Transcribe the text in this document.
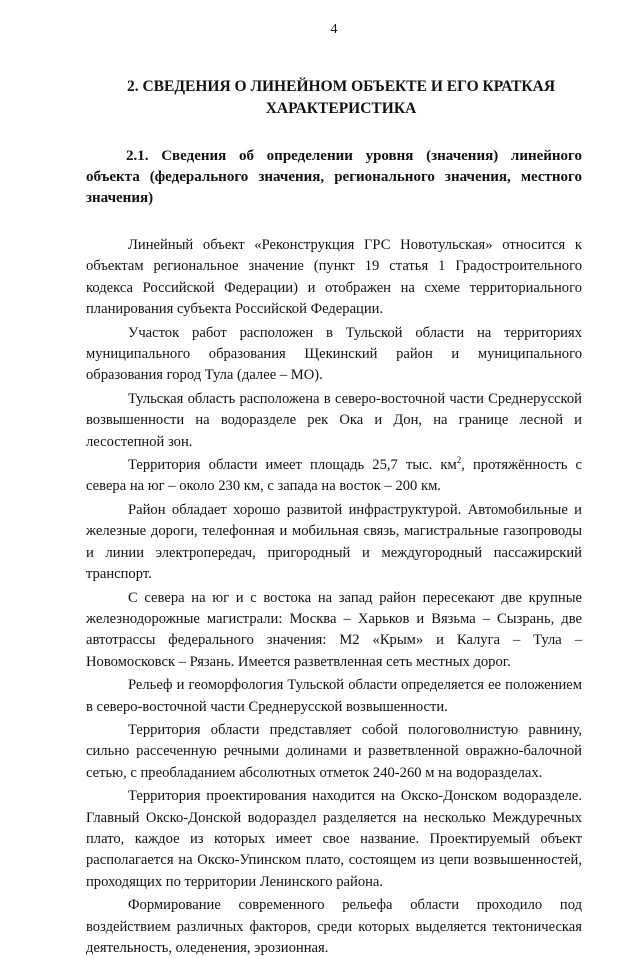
4
2. СВЕДЕНИЯ О ЛИНЕЙНОМ ОБЪЕКТЕ И ЕГО КРАТКАЯ ХАРАКТЕРИСТИКА
2.1. Сведения об определении уровня (значения) линейного объекта (федерального значения, регионального значения, местного значения)

Линейный объект «Реконструкция ГРС Новотульская» относится к объектам региональное значение (пункт 19 статья 1 Градостроительного кодекса Российской Федерации) и отображен на схеме территориального планирования субъекта Российской Федерации.

Участок работ расположен в Тульской области на территориях муниципального образования Щекинский район и муниципального образования город Тула (далее – МО).

Тульская область расположена в северо-восточной части Среднерусской возвышенности на водоразделе рек Ока и Дон, на границе лесной и лесостепной зон.

Территория области имеет площадь 25,7 тыс. $км^2$, протяжённость с севера на юг – около 230 км, с запада на восток – 200 км.

Район обладает хорошо развитой инфраструктурой. Автомобильные и железные дороги, телефонная и мобильная связь, магистральные газопроводы и линии электропередач, пригородный и междугородный пассажирский транспорт.

С севера на юг и с востока на запад район пересекают две крупные железнодорожные магистрали: Москва – Харьков и Вязьма – Сызрань, две автотрассы федерального значения: М2 «Крым» и Калуга – Тула – Новомосковск – Рязань. Имеется разветвленная сеть местных дорог.

Рельеф и геоморфология Тульской области определяется ее положением в северо-восточной части Среднерусской возвышенности.

Территория области представляет собой пологоволнистую равнину, сильно рассеченную речными долинами и разветвленной овражно-балочной сетью, с преобладанием абсолютных отметок 240-260 м на водоразделах.

Территория проектирования находится на Окско-Донском водоразделе. Главный Окско-Донской водораздел разделяется на несколько Междуречных плато, каждое из которых имеет свое название. Проектируемый объект располагается на Окско-Упинском плато, состоящем из цепи возвышенностей, проходящих по территории Ленинского района.

Формирование современного рельефа области проходило под воздействием различных факторов, среди которых выделяется тектоническая деятельность, оледенения, эрозионная.
